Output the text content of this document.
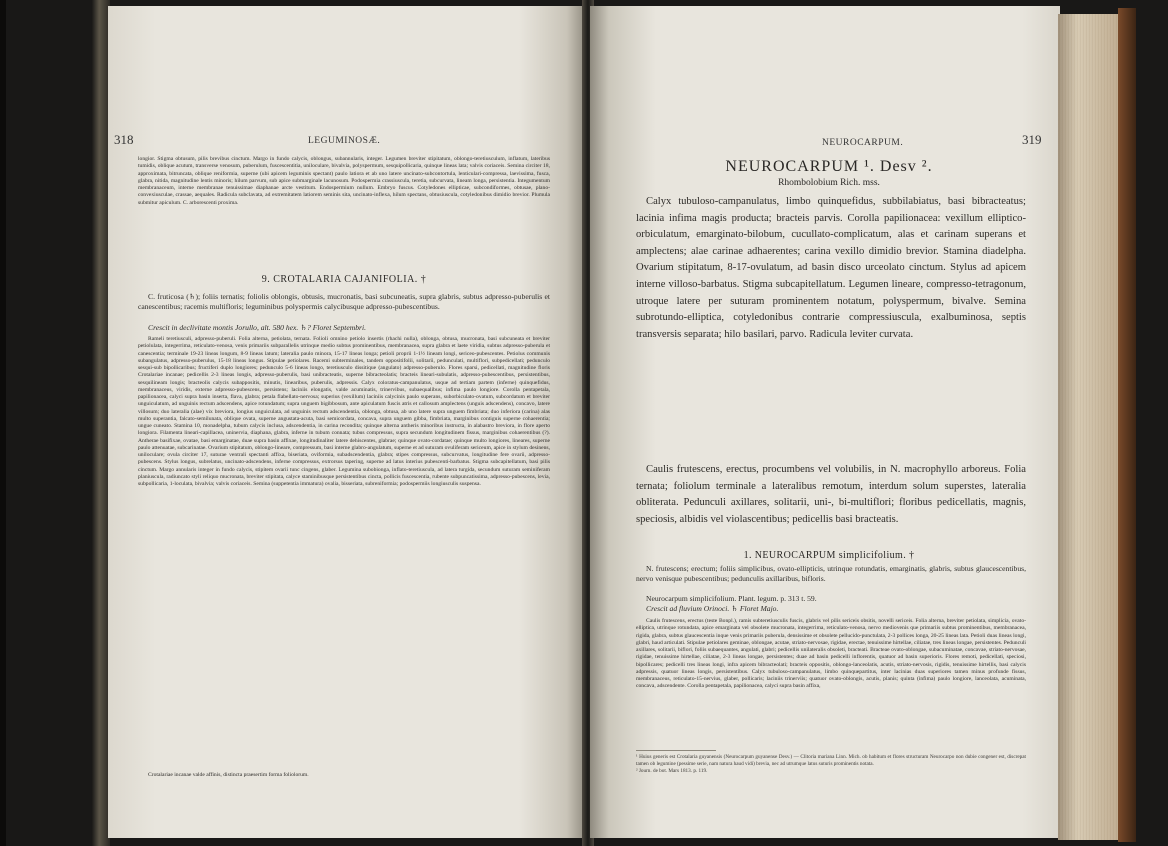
318	LEGUMINOSÆ.

longior. Stigma obtusum, pilis brevibus cinctum. Margo in fundo calycis, oblongus, subannularis, integer. Legumen breviter stipitatum, oblongo-teretiusculum, inflatum, lateribus tumidis, oblique acutum, transverse venosum, puberulum, fuscescentitia, uniloculare, bivalvia, polyspermum, sesquipollicaria, quinque lineas lata; valvis coriaceis. Semina circiter 18, approximata, bitruncata, oblique reniformia, superne (ubi apicem leguminis spectant) paulo latiora et ab uno latere uncinato-subcontortula, lenticulari-compressa, laevissima, fusca, glabra, nitida, magnitudine lentis minoris; hilum parvum, sub apice submarginale lacunosum. Podospermia crassiuscula, teretia, subcurvata, lineam longa, persistentia. Integumentum membranaceum, interne membranae tenuissimae diaphanae arcte vestitum. Endospermium nullum. Embryo fuscus. Cotyledones ellipticae, subcondiformes, obtusae, plano-convexiusculae, crassae, aequales. Radicula subclavata, ad extremitatem latiorem seminis sita, uncinato-inflexa, hilum spectans, obtusiuscula, cotyledonibus dimidio brevior. Plumula submitur apiculum. C. arborescenti proxima.

9. CROTALARIA CAJANIFOLIA. †

C. fruticosa (♄); foliis ternatis; foliolis oblongis, obtusis, mucronatis, basi subcuneatis, supra glabris, subtus adpresso-puberulis et canescentibus; racemis multifloris; leguminibus polyspermis calycibusque adpresso-pubescentibus.

Crescit in declivitate montis Jorullo, alt. 580 hex. ♄? Floret Septembri.

Rameli teretiusculi, adpresso-puberuli. Folia alterna, petiolata, ternata. Folioli omnino petiolo insertis (rhachi nulla), oblonga, obtusa, mucronata, basi subcuneata et breviter petiolulata, integerrima, reticulato-venosa, venis primariis subparallelis utrinque medio subtus prominentibus, membranacea, supra glabra et laete viridia, subtus adpresso-puberula et canescentia; terminale 19-23 lineas longum, 8-9 lineas latum; lateralia paulo minora, 15-17 lineas longa; petioli proprii 1-1½ lineam longi, sericeo-pubescentes. Petiolus communis subangulatus, adpresso-puberulus, 15-18 lineas longus. Stipulae petiolares. Racemi subterminales, tandem oppositifolii, solitarii, pedunculati, multiflori, subpedicellati; pedunculo sesqui-sub bipollicaribus; fructiferi duplo longiores; pedunculo 5-6 lineas longo, teretiusculo dissitique (angulato) adpresso-puberulo. Flores sparsi, pedicellati, magnitudine floris Crotalariae incanae; pedicellis 2-3 lineas longis, adpresso-puberulis, basi unibracteatis, superne bibracteolatis; bracteis lineari-subulatis, adpresso-pubescentibus, persistentibus, sesquilineam longis; bracteolis calycis subappositis, minutis, linearibus, puberulis, adpressis. Calyx coloratus-campanulatus, usque ad tertiam partem (inferne) quinquefidus, membranaceus, viridis, externe adpresso-pubescens, persistens; laciniis elongatis, valde acuminatis, trinervibus, subaequalibus; infima paulo longiore. Corolla pentapetala, papilionacea, calyci supra basin inserta, flava, glabra; petala flabellato-nervosa; superius (vexillum) laciniis calycinis paulo superans, suborbiculato-ovatum, subcordatum et breviter unguiculatum, ad unguinis rectum adscendens, apice rotundatum; supra unguem bigibbosum, ante apiculatum fuscis atris et callosum amplectens (unguis adscendens), concavo, latere villosum; duo lateralia (alae) vix breviora, longius unguiculata, ad unguinis rectum adscendentia, oblonga, obtusa, ab uno latere supra unguem fimbriata; duo inferiora (carina) alas multo superantia, falcato-semilunata, oblique ovata, superne angustata-acuta, basi semicordata, concava, supra unguem gibba, fimbriata, marginibus contiguis superne cohaerentia; ungue cuneato. Stamina 10, monadelpha, tubum calycis inclusa, adscendentia, in carina recondita; quinque alterna antheris minoribus instructa, in alabastro breviora, in flore aperto longiora. Filamenta lineari-capillacea, uninervia, diaphana, glabra, inferne in tubum connata; tubus compressus, supra secundum longitudinem fissus, marginibus cohaerentibus (?). Antherae basifixae, ovatae, basi emarginatae, duae supra basin affixae, longitudinaliter latere dehiscentes, glabrae; quinque ovato-cordatae; quinque multo longiores, lineares, superne paulo attenuatae, subcarinatae. Ovarium stipitatum, oblongo-lineare, compressum, basi interne glabro-angulatum, superne et ad suturam ovuliferam sericeum, apice in stylum desinens, uniloculare; ovula circiter 17, suturae ventrali spectanti affixa, biseriata, oviformia, subadscendentia, glabra; stipes compressus, subcurvatus, longitudine fere ovarii, adpresso-pubescens. Stylus longus, subrelatus, uncinato-adscendens, inferne compressus, extrorsus tapering, superne ad latus interius pubescenti-barbatus. Stigma subcapitellatum, basi pilis cinctum. Margo annularis integer in fundo calycis, stipitem ovarii tunc cingens, glaber. Legumina subobionga, inflato-teretiuscula, ad latera turgida, secundum suturam seminiferam planiuscula, radiuncato styli reliquo mucronata, breviter stipitata, calyce staminibusque persistentibus cincta, pollicis fuscescentia, rubente subpuncatissima, adpresso-pubescens, levia, subpollicaria, 1-loculata, bivalvia; valvis coriaceis. Semina (suppetentia immatura) ovalia, bisseriata, subreniformia; podospermiis longiusculis suspensa.

Crotalariae incanae valde affinis, distincta praesertim forma foliolorum.

NEUROCARPUM.	319
NEUROCARPUM ¹. Desv ².
Rhombolobium Rich. mss.

Calyx tubuloso-campanulatus, limbo quinquefidus, subbilabiatus, basi bibracteatus; lacinia infima magis producta; bracteis parvis. Corolla papilionacea: vexillum elliptico-orbiculatum, emarginato-bilobum, cucullato-complicatum, alas et carinam superans et amplectens; alae carinae adhaerentes; carina vexillo dimidio brevior. Stamina diadelpha. Ovarium stipitatum, 8-17-ovulatum, ad basin disco urceolato cinctum. Stylus ad apicem interne villoso-barbatus. Stigma subcapitellatum. Legumen lineare, compresso-tetragonum, utroque latere per suturam prominentem notatum, polyspermum, bivalve. Semina subrotundo-elliptica, cotyledonibus contrarie compressiuscula, exalbuminosa, septis transversis separata; hilo basilari, parvo. Radicula leviter curvata.

Caulis frutescens, erectus, procumbens vel volubilis, in N. macrophyllo arboreus. Folia ternata; foliolum terminale a lateralibus remotum, interdum solum superstes, lateralia obliterata. Pedunculi axillares, solitarii, uni-, bi-multiflori; floribus pedicellatis, magnis, speciosis, albidis vel violascentibus; pedicellis basi bracteatis.

1. NEUROCARPUM simplicifolium. †

N. frutescens; erectum; foliis simplicibus, ovato-ellipticis, utrinque rotundatis, emarginatis, glabris, subtus glaucescentibus, nervo venisque pubescentibus; pedunculis axillaribus, bifloris.

Neurocarpum simplicifolium. Plant. legum. p. 313 t. 59.
Crescit ad fluvium Orinoci. ♄ Floret Majo.

Caulis frutescens, erectus (teste Bonpl.), ramis subteretiusculis fuscis, glabris vel pilis sericeis obsitis, novelli sericeis. Folia alterna, breviter petiolata, simplicia, ovato-elliptica, utrinque rotundata, apice emarginata vel obsolete mucronata, integerrima, reticulato-venosa, nervo mediovenis que primariis subtus prominentibus, membranacea, rigida, glabra, subtus glaucescentia inque venis primariis puberula, densissime et obsolete pellucido-punctulata, 2-3 pollices longa, 20-25 lineas lata. Petioli duas lineas longi, glabri, haud articulati. Stipulae petiolares geminae, oblongae, acutae, striato-nervosae, rigidae, erectae, tenuissime hirtellae, ciliatae, tres lineas longae, persistentes. Pedunculi axillares, solitarii, biflori, foliis subaequantes, angulati, glabri; pedicellis unilateralis obsoleti, bracteati. Bracteae ovato-oblongae, subacuminatae, concavae, striato-nervosae, rigidae, tenuissime hirtellae, ciliatae, 2-3 lineas longae, persistentes; duae ad basin pedicelli inflorentis, quatuor ad basin superioris. Flores remoti, pedicellati, speciosi, bipollicares; pedicelli tres lineas longi, infra apicem bibracteolati; bracteis oppositis, oblongo-lanceolatis, acutis, striato-nervosis, rigidis, tenuissime hirtellis, basi calycis adpressis, quatuor lineas longis, persistentibus. Calyx tubuloso-campanulatus, limbo quinquepartitus, inter lacinias duas superiores tamen minus profunde fissus, membranaceus, reticulato-15-nervius, glaber, pollicaris; laciniis trinerviis; quatuor ovato-oblongis, acutis, planis; quinta (infima) paulo longiore, lanceolata, acuminata, concava, adscendente. Corolla pentapetala, papilionacea, calyci supra basin affixa,

¹ Huius generis est Crotalaria guyanensis (Neurocarpum guyanense Desv.) — Clitoria mariana Linn. Mich. ob habitum et flores structuram Neurocarpo non dubie congener est, discrepat tamen ob legumine (pessime serie, nam natura haud vidi) brevia, nec ad utrumque latus suturis prominentis notata.

² Journ. de bot. Mars 1813. p. 119.
